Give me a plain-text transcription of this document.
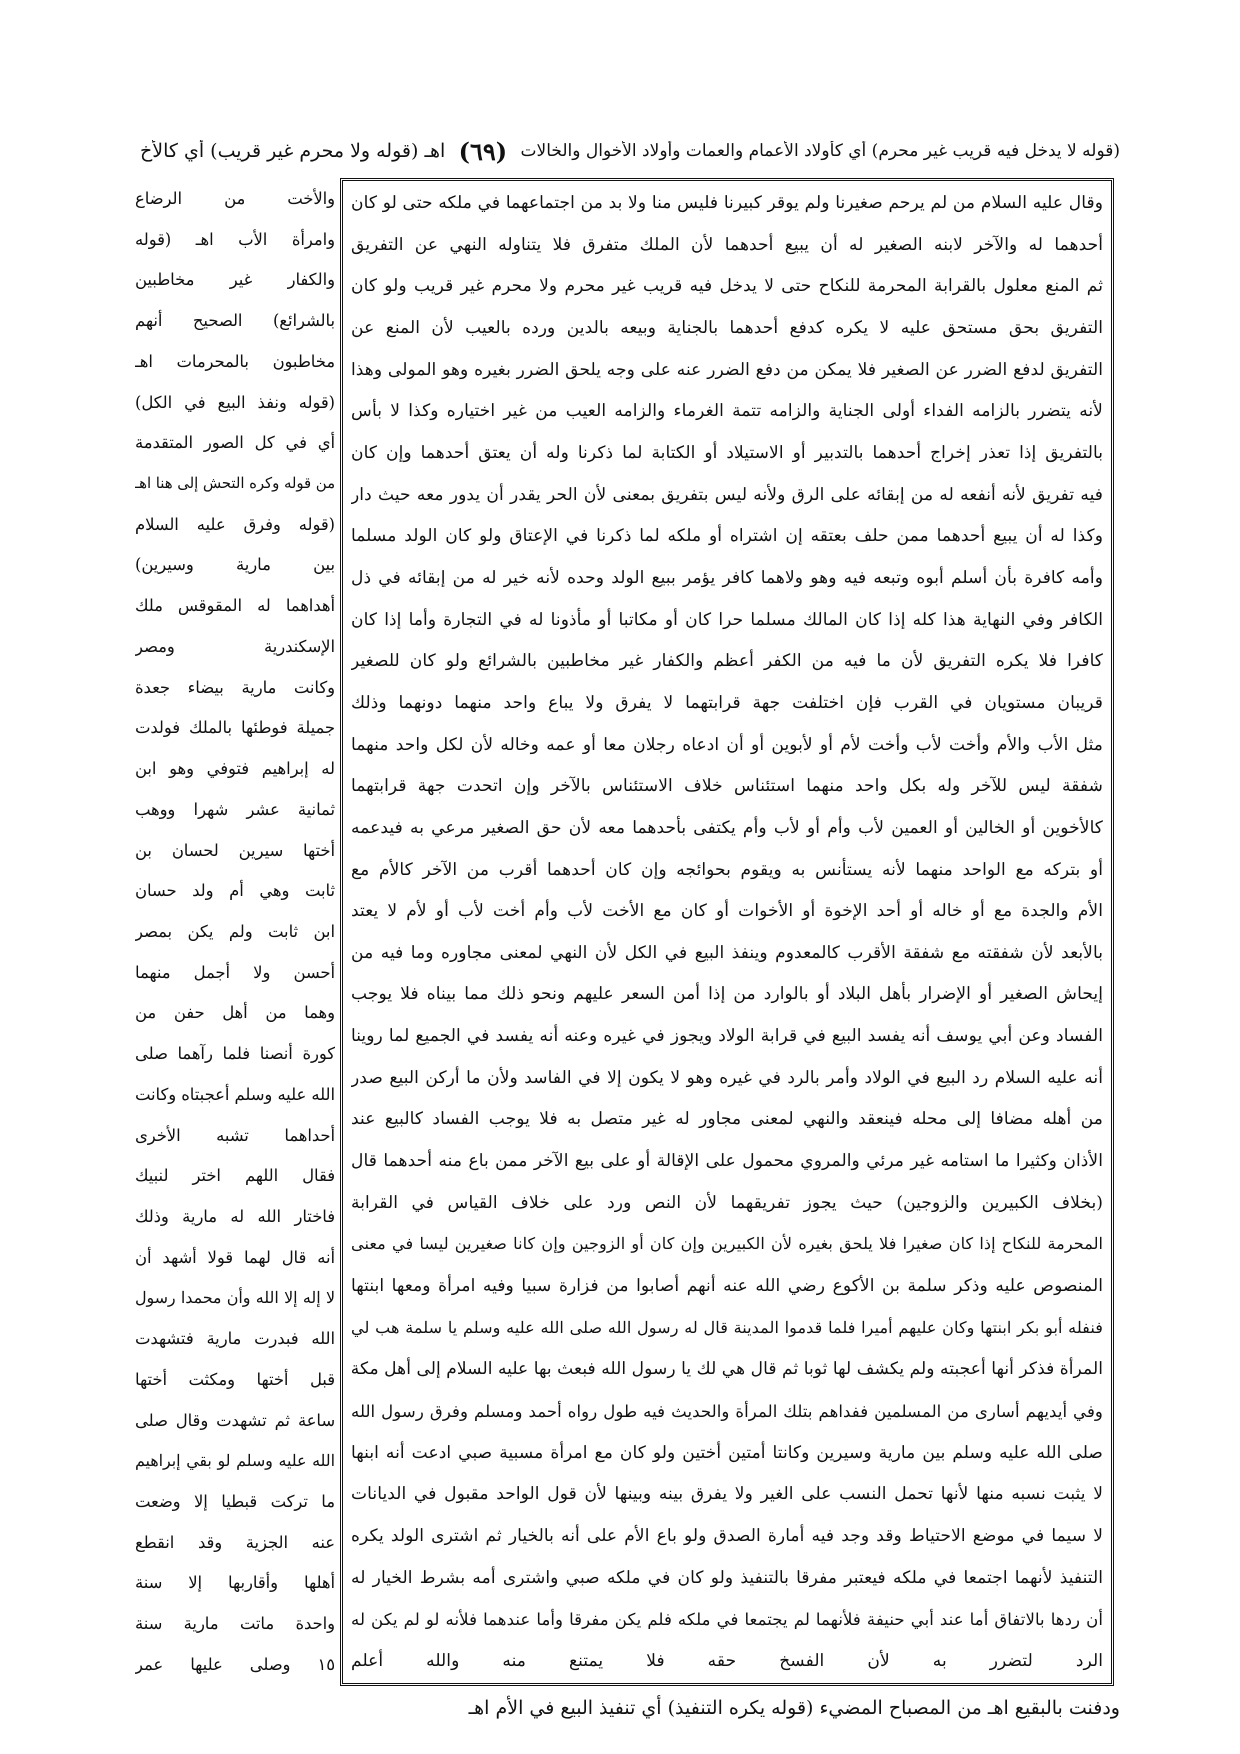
(قوله لا يدخل فيه قريب غير محرم) أي كأولاد الأعمام والعمات وأولاد الأخوال والخالات
(٦٩)
اهـ (قوله ولا محرم غير قريب) أي كالأخ
وقال عليه السلام من لم يرحم صغيرنا ولم يوقر كبيرنا فليس منا ولا بد من اجتماعهما في ملكه حتى لو كان
أحدهما له والآخر لابنه الصغير له أن يبيع أحدهما لأن الملك متفرق فلا يتناوله النهي عن التفريق
ثم المنع معلول بالقرابة المحرمة للنكاح حتى لا يدخل فيه قريب غير محرم ولا محرم غير قريب ولو كان
التفريق بحق مستحق عليه لا يكره كدفع أحدهما بالجناية وبيعه بالدين ورده بالعيب لأن المنع عن
التفريق لدفع الضرر عن الصغير فلا يمكن من دفع الضرر عنه على وجه يلحق الضرر بغيره وهو المولى وهذا
لأنه يتضرر بالزامه الفداء أولى الجناية والزامه تتمة الغرماء والزامه العيب من غير اختياره وكذا لا بأس
بالتفريق إذا تعذر إخراج أحدهما بالتدبير أو الاستيلاد أو الكتابة لما ذكرنا وله أن يعتق أحدهما وإن كان
فيه تفريق لأنه أنفعه له من إبقائه على الرق ولأنه ليس بتفريق بمعنى لأن الحر يقدر أن يدور معه حيث دار
وكذا له أن يبيع أحدهما ممن حلف بعتقه إن اشتراه أو ملكه لما ذكرنا في الإعتاق ولو كان الولد مسلما
وأمه كافرة بأن أسلم أبوه وتبعه فيه وهو ولاهما كافر يؤمر ببيع الولد وحده لأنه خير له من إبقائه في ذل
الكافر وفي النهاية هذا كله إذا كان المالك مسلما حرا كان أو مكاتبا أو مأذونا له في التجارة وأما إذا كان
كافرا فلا يكره التفريق لأن ما فيه من الكفر أعظم والكفار غير مخاطبين بالشرائع ولو كان للصغير
قريبان مستويان في القرب فإن اختلفت جهة قرابتهما لا يفرق ولا يباع واحد منهما دونهما وذلك
مثل الأب والأم وأخت لأب وأخت لأم أو لأبوين أو أن ادعاه رجلان معا أو عمه وخاله لأن لكل واحد منهما
شفقة ليس للآخر وله بكل واحد منهما استئناس خلاف الاستئناس بالآخر وإن اتحدت جهة قرابتهما
كالأخوين أو الخالين أو العمين لأب وأم أو لأب وأم يكتفى بأحدهما معه لأن حق الصغير مرعي به فيدعمه
أو بتركه مع الواحد منهما لأنه يستأنس به ويقوم بحوائجه وإن كان أحدهما أقرب من الآخر كالأم مع
الأم والجدة مع أو خاله أو أحد الإخوة أو الأخوات أو كان مع الأخت لأب وأم أخت لأب أو لأم لا يعتد
بالأبعد لأن شفقته مع شفقة الأقرب كالمعدوم وينفذ البيع في الكل لأن النهي لمعنى مجاوره وما فيه من
إيحاش الصغير أو الإضرار بأهل البلاد أو بالوارد من إذا أمن السعر عليهم ونحو ذلك مما بيناه فلا يوجب
الفساد وعن أبي يوسف أنه يفسد البيع في قرابة الولاد ويجوز في غيره وعنه أنه يفسد في الجميع لما روينا
أنه عليه السلام رد البيع في الولاد وأمر بالرد في غيره وهو لا يكون إلا في الفاسد ولأن ما أركن البيع صدر
من أهله مضافا إلى محله فينعقد والنهي لمعنى مجاور له غير متصل به فلا يوجب الفساد كالبيع عند
الأذان وكثيرا ما استامه غير مرئي والمروي محمول على الإقالة أو على بيع الآخر ممن باع منه أحدهما قال
(بخلاف الكبيرين والزوجين) حيث يجوز تفريقهما لأن النص ورد على خلاف القياس في القرابة
المحرمة للنكاح إذا كان صغيرا فلا يلحق بغيره لأن الكبيرين وإن كان أو الزوجين وإن كانا صغيرين ليسا في معنى
المنصوص عليه وذكر سلمة بن الأكوع رضي الله عنه أنهم أصابوا من فزارة سبيا وفيه امرأة ومعها ابنتها
فنفله أبو بكر ابنتها وكان عليهم أميرا فلما قدموا المدينة قال له رسول الله صلى الله عليه وسلم يا سلمة هب لي
المرأة فذكر أنها أعجبته ولم يكشف لها ثوبا ثم قال هي لك يا رسول الله فبعث بها عليه السلام إلى أهل مكة
وفي أيديهم أسارى من المسلمين ففداهم بتلك المرأة والحديث فيه طول رواه أحمد ومسلم وفرق رسول الله
صلى الله عليه وسلم بين مارية وسيرين وكانتا أمتين أختين ولو كان مع امرأة مسبية صبي ادعت أنه ابنها
لا يثبت نسبه منها لأنها تحمل النسب على الغير ولا يفرق بينه وبينها لأن قول الواحد مقبول في الديانات
لا سيما في موضع الاحتياط وقد وجد فيه أمارة الصدق ولو باع الأم على أنه بالخيار ثم اشترى الولد يكره
التنفيذ لأنهما اجتمعا في ملكه فيعتبر مفرقا بالتنفيذ ولو كان في ملكه صبي واشترى أمه بشرط الخيار له
أن ردها بالاتفاق أما عند أبي حنيفة فلأنهما لم يجتمعا في ملكه فلم يكن مفرقا وأما عندهما فلأنه لو لم يكن له
الرد لتضرر به لأن الفسخ حقه فلا يمتنع منه والله أعلم
والأخت من الرضاع
وامرأة الأب اهـ (قوله
والكفار غير مخاطبين
بالشرائع) الصحيح أنهم
مخاطبون بالمحرمات اهـ
(قوله ونفذ البيع في الكل)
أي في كل الصور المتقدمة
من قوله وكره التحش إلى هنا اهـ
(قوله وفرق عليه السلام
بين مارية وسيرين)
أهداهما له المقوقس ملك
الإسكندرية ومصر
وكانت مارية بيضاء جعدة
جميلة فوطئها بالملك فولدت
له إبراهيم فتوفي وهو ابن
ثمانية عشر شهرا ووهب
أختها سيرين لحسان بن
ثابت وهي أم ولد حسان
ابن ثابت ولم يكن بمصر
أحسن ولا أجمل منهما
وهما من أهل حفن من
كورة أنصنا فلما رآهما صلى
الله عليه وسلم أعجبتاه وكانت
أحداهما تشبه الأخرى
فقال اللهم اختر لنبيك
فاختار الله له مارية وذلك
أنه قال لهما قولا أشهد أن
لا إله إلا الله وأن محمدا رسول
الله فبدرت مارية فتشهدت
قبل أختها ومكثت أختها
ساعة ثم تشهدت وقال صلى
الله عليه وسلم لو بقي إبراهيم
ما تركت قبطيا إلا وضعت
عنه الجزية وقد انقطع
أهلها وأقاربها إلا سنة
واحدة ماتت مارية سنة
١٥ وصلى عليها عمر
ودفنت بالبقيع اهـ من المصباح المضيء (قوله يكره التنفيذ) أي تنفيذ البيع في الأم اهـ
